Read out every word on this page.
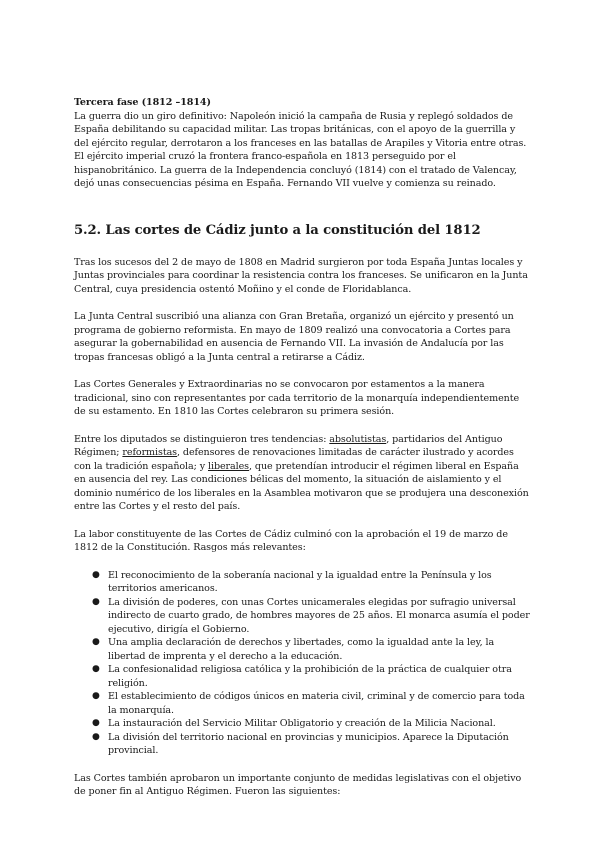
Tercera fase (1812 –1814)

La guerra dio un giro definitivo: Napoleón inició la campaña de Rusia y replegó soldados de España debilitando su capacidad militar. Las tropas británicas, con el apoyo de la guerrilla y del ejército regular, derrotaron a los franceses en las batallas de Arapiles y Vitoria entre otras. El ejército imperial cruzó la frontera franco-española en 1813 perseguido por el hispanobritánico. La guerra de la Independencia concluyó (1814) con el tratado de Valencay, dejó unas consecuencias pésima en España. Fernando VII vuelve y comienza su reinado.

5.2. Las cortes de Cádiz junto a la constitución del 1812

Tras los sucesos del 2 de mayo de 1808 en Madrid surgieron por toda España Juntas locales y Juntas provinciales para coordinar la resistencia contra los franceses. Se unificaron en la Junta Central, cuya presidencia ostentó Moñino y el conde de Floridablanca.

La Junta Central suscribió una alianza con Gran Bretaña, organizó un ejército y presentó un programa de gobierno reformista. En mayo de 1809 realizó una convocatoria a Cortes para asegurar la gobernabilidad en ausencia de Fernando VII. La invasión de Andalucía por las tropas francesas obligó a la Junta central a retirarse a Cádiz.

Las Cortes Generales y Extraordinarias no se convocaron por estamentos a la manera tradicional, sino con representantes por cada territorio de la monarquía independientemente de su estamento. En 1810 las Cortes celebraron su primera sesión.

Entre los diputados se distinguieron tres tendencias: absolutistas, partidarios del Antiguo Régimen; reformistas, defensores de renovaciones limitadas de carácter ilustrado y acordes con la tradición española; y liberales, que pretendían introducir el régimen liberal en España en ausencia del rey. Las condiciones bélicas del momento, la situación de aislamiento y el dominio numérico de los liberales en la Asamblea motivaron que se produjera una desconexión entre las Cortes y el resto del país.

La labor constituyente de las Cortes de Cádiz culminó con la aprobación el 19 de marzo de 1812 de la Constitución. Rasgos más relevantes:

● El reconocimiento de la soberanía nacional y la igualdad entre la Península y los territorios americanos.
● La división de poderes, con unas Cortes unicamerales elegidas por sufragio universal indirecto de cuarto grado, de hombres mayores de 25 años. El monarca asumía el poder ejecutivo, dirigía el Gobierno.
● Una amplia declaración de derechos y libertades, como la igualdad ante la ley, la libertad de imprenta y el derecho a la educación.
● La confesionalidad religiosa católica y la prohibición de la práctica de cualquier otra religión.
● El establecimiento de códigos únicos en materia civil, criminal y de comercio para toda la monarquía.
● La instauración del Servicio Militar Obligatorio y creación de la Milicia Nacional.
● La división del territorio nacional en provincias y municipios. Aparece la Diputación provincial.

Las Cortes también aprobaron un importante conjunto de medidas legislativas con el objetivo de poner fin al Antiguo Régimen. Fueron las siguientes:
